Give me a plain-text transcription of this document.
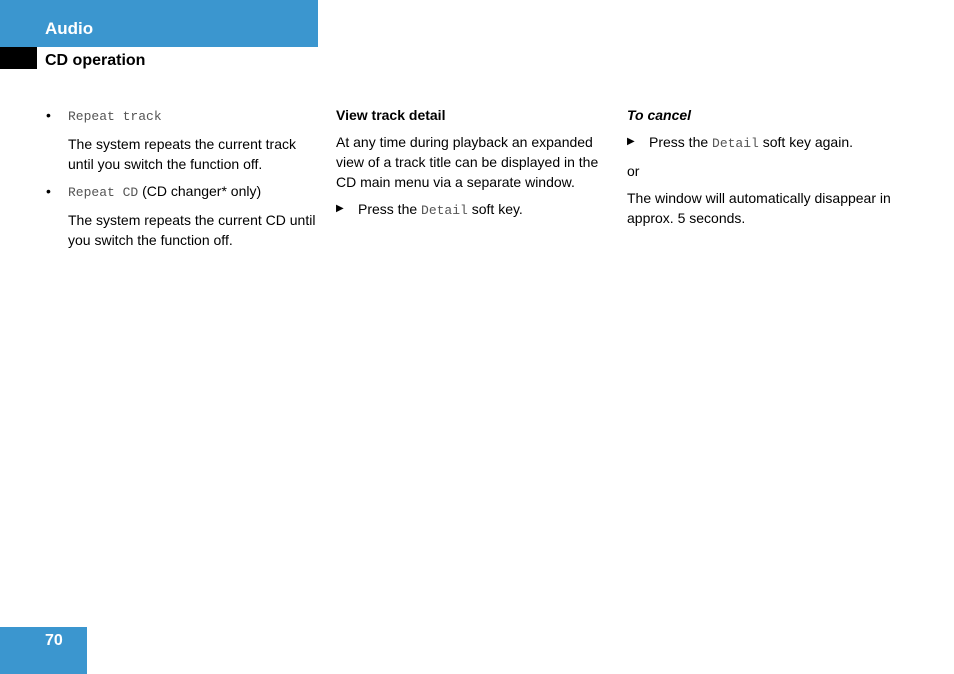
Audio
CD operation

• Repeat track

The system repeats the current track until you switch the function off.

• Repeat CD (CD changer* only)

The system repeats the current CD until you switch the function off.

View track detail

At any time during playback an expanded view of a track title can be displayed in the CD main menu via a separate window.

▶ Press the Detail soft key.

To cancel

▶ Press the Detail soft key again.

or

The window will automatically disappear in approx. 5 seconds.

70
